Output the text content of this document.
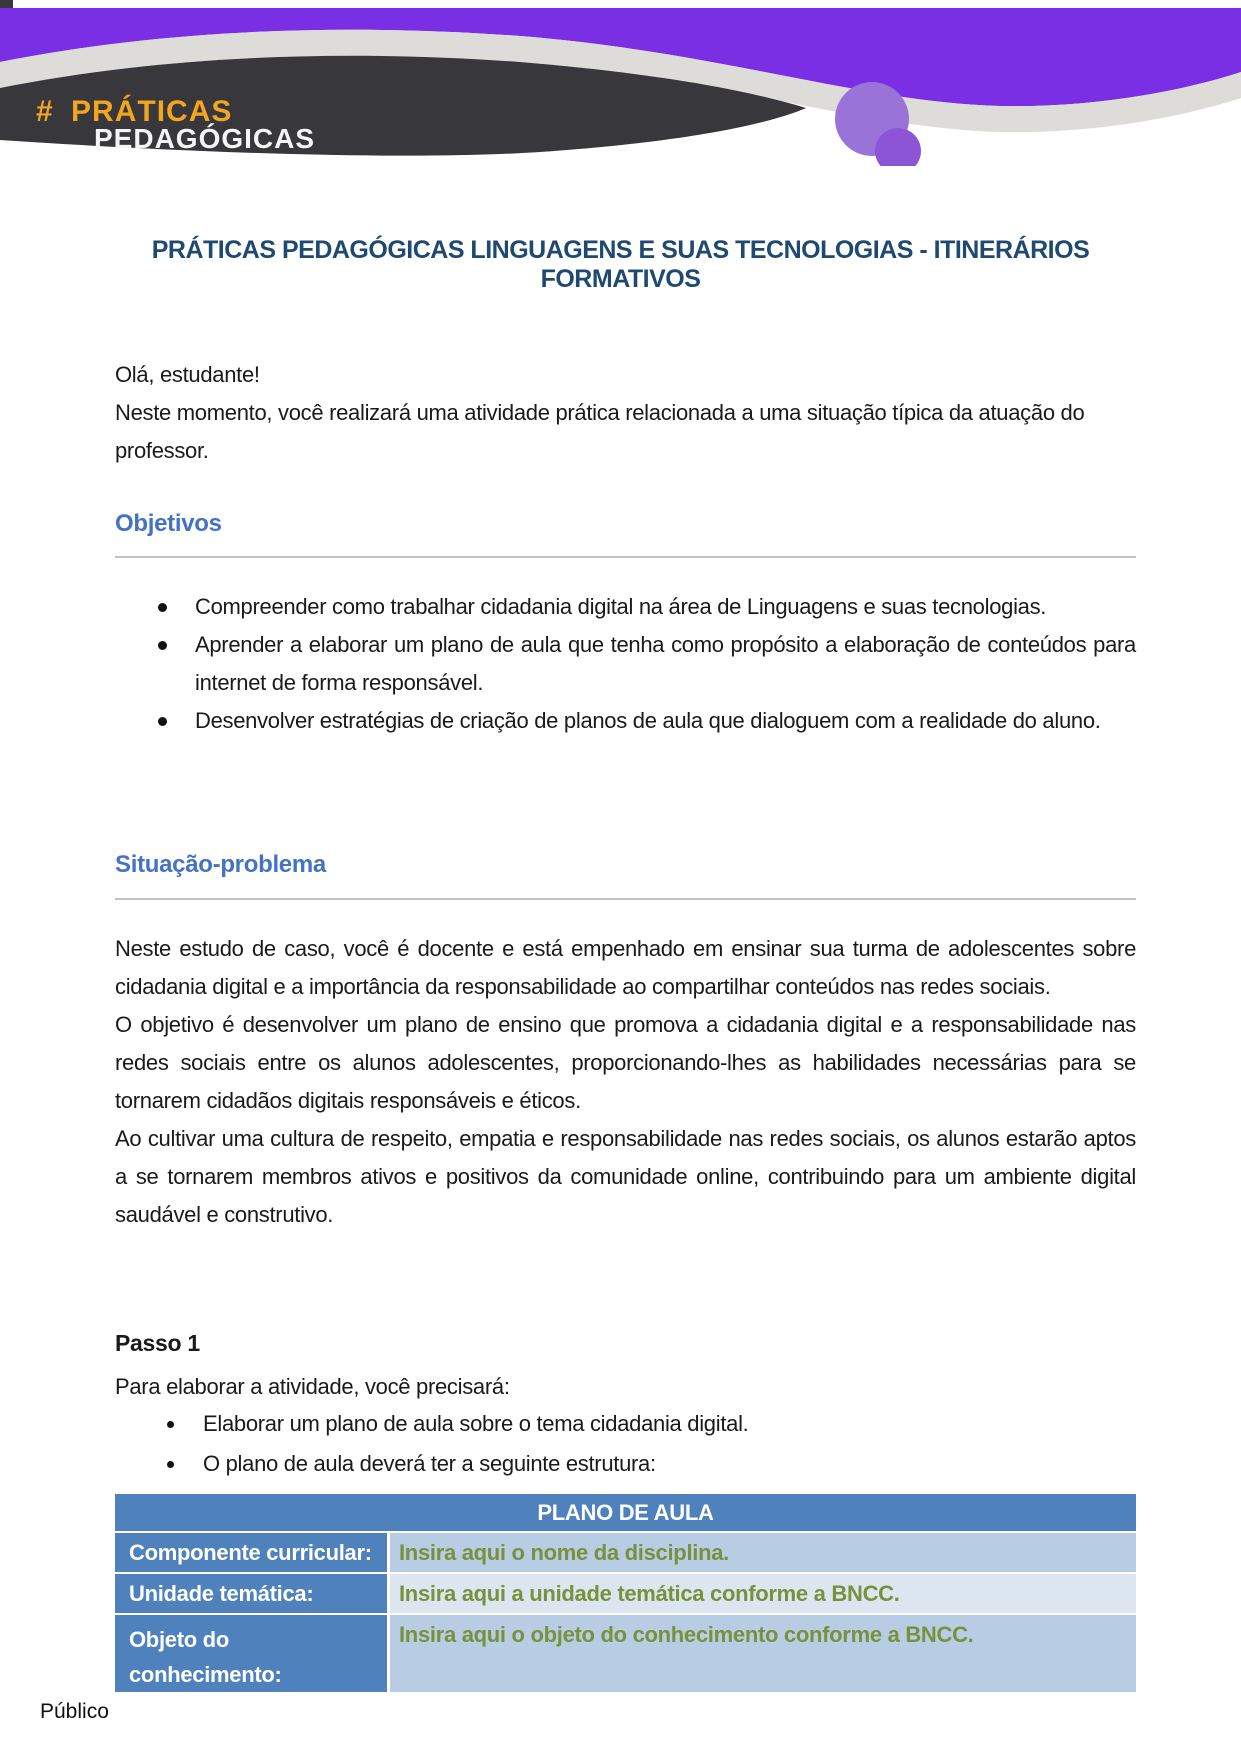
# PRÁTICAS
PEDAGÓGICAS
PRÁTICAS PEDAGÓGICAS LINGUAGENS E SUAS TECNOLOGIAS - ITINERÁRIOS FORMATIVOS

Olá, estudante!

Neste momento, você realizará uma atividade prática relacionada a uma situação típica da atuação do professor.

Objetivos
Compreender como trabalhar cidadania digital na área de Linguagens e suas tecnologias.
Aprender a elaborar um plano de aula que tenha como propósito a elaboração de conteúdos para internet de forma responsável.
Desenvolver estratégias de criação de planos de aula que dialoguem com a realidade do aluno.
Situação-problema

Neste estudo de caso, você é docente e está empenhado em ensinar sua turma de adolescentes sobre cidadania digital e a importância da responsabilidade ao compartilhar conteúdos nas redes sociais.

O objetivo é desenvolver um plano de ensino que promova a cidadania digital e a responsabilidade nas redes sociais entre os alunos adolescentes, proporcionando-lhes as habilidades necessárias para se tornarem cidadãos digitais responsáveis e éticos.

Ao cultivar uma cultura de respeito, empatia e responsabilidade nas redes sociais, os alunos estarão aptos a se tornarem membros ativos e positivos da comunidade online, contribuindo para um ambiente digital saudável e construtivo.

Passo 1
Para elaborar a atividade, você precisará:
Elaborar um plano de aula sobre o tema cidadania digital.
O plano de aula deverá ter a seguinte estrutura:
PLANO DE AULA
Componente curricular:	Insira aqui o nome da disciplina.
Unidade temática:	Insira aqui a unidade temática conforme a BNCC.
Objeto do conhecimento:
Insira aqui o objeto do conhecimento conforme a BNCC.
Público
